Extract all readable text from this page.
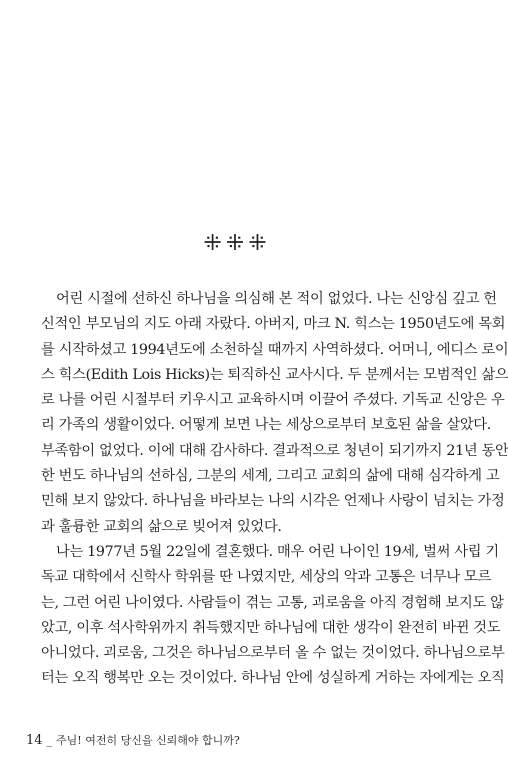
⁜ ⁜ ⁜
어린 시절에 선하신 하나님을 의심해 본 적이 없었다. 나는 신앙심 깊고 헌
신적인 부모님의 지도 아래 자랐다. 아버지, 마크 N. 힉스는 1950년도에 목회
를 시작하셨고 1994년도에 소천하실 때까지 사역하셨다. 어머니, 에디스 로이
스 힉스(Edith Lois Hicks)는 퇴직하신 교사시다. 두 분께서는 모범적인 삶으
로 나를 어린 시절부터 키우시고 교육하시며 이끌어 주셨다. 기독교 신앙은 우
리 가족의 생활이었다. 어떻게 보면 나는 세상으로부터 보호된 삶을 살았다.
부족함이 없었다. 이에 대해 감사하다. 결과적으로 청년이 되기까지 21년 동안
한 번도 하나님의 선하심, 그분의 세계, 그리고 교회의 삶에 대해 심각하게 고
민해 보지 않았다. 하나님을 바라보는 나의 시각은 언제나 사랑이 넘치는 가정
과 훌륭한 교회의 삶으로 빚어져 있었다.
나는 1977년 5월 22일에 결혼했다. 매우 어린 나이인 19세, 벌써 사립 기
독교 대학에서 신학사 학위를 딴 나였지만, 세상의 악과 고통은 너무나 모르
는, 그런 어린 나이였다. 사람들이 겪는 고통, 괴로움을 아직 경험해 보지도 않
았고, 이후 석사학위까지 취득했지만 하나님에 대한 생각이 완전히 바뀐 것도
아니었다. 괴로움, 그것은 하나님으로부터 올 수 없는 것이었다. 하나님으로부
터는 오직 행복만 오는 것이었다. 하나님 안에 성실하게 거하는 자에게는 오직
14 _ 주님! 여전히 당신을 신뢰해야 합니까?
